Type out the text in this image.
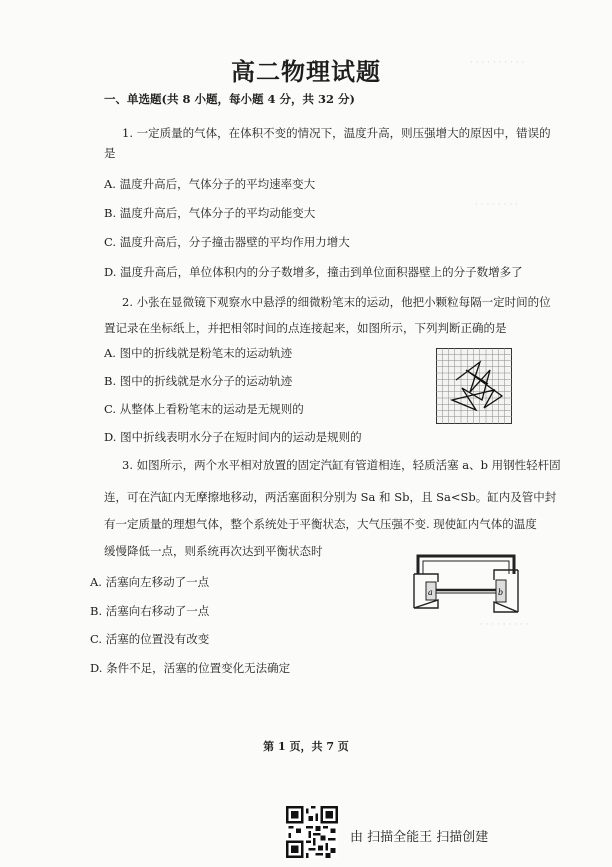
· · · · · · · · · ·
· · · · · · · ·
· · · · · · · · ·
高二物理试题
一、单选题(共 8 小题，每小题 4 分，共 32 分)
1. 一定质量的气体，在体积不变的情况下，温度升高，则压强增大的原因中，错误的
是
A. 温度升高后，气体分子的平均速率变大
B. 温度升高后，气体分子的平均动能变大
C. 温度升高后，分子撞击器壁的平均作用力增大
D. 温度升高后，单位体积内的分子数增多，撞击到单位面积器壁上的分子数增多了
2. 小张在显微镜下观察水中悬浮的细微粉笔末的运动，他把小颗粒每隔一定时间的位
置记录在坐标纸上，并把相邻时间的点连接起来，如图所示，下列判断正确的是
A. 图中的折线就是粉笔末的运动轨迹
B. 图中的折线就是水分子的运动轨迹
C. 从整体上看粉笔末的运动是无规则的
D. 图中折线表明水分子在短时间内的运动是规则的
3. 如图所示，两个水平相对放置的固定汽缸有管道相连，轻质活塞 a、b 用钢性轻杆固
连，可在汽缸内无摩擦地移动，两活塞面积分别为 Sa 和 Sb，且 Sa<Sb。缸内及管中封
有一定质量的理想气体，整个系统处于平衡状态，大气压强不变. 现使缸内气体的温度
缓慢降低一点，则系统再次达到平衡状态时
A. 活塞向左移动了一点
B. 活塞向右移动了一点
C. 活塞的位置没有改变
D. 条件不足，活塞的位置变化无法确定
a	b
第 1 页，共 7 页
由 扫描全能王 扫描创建
